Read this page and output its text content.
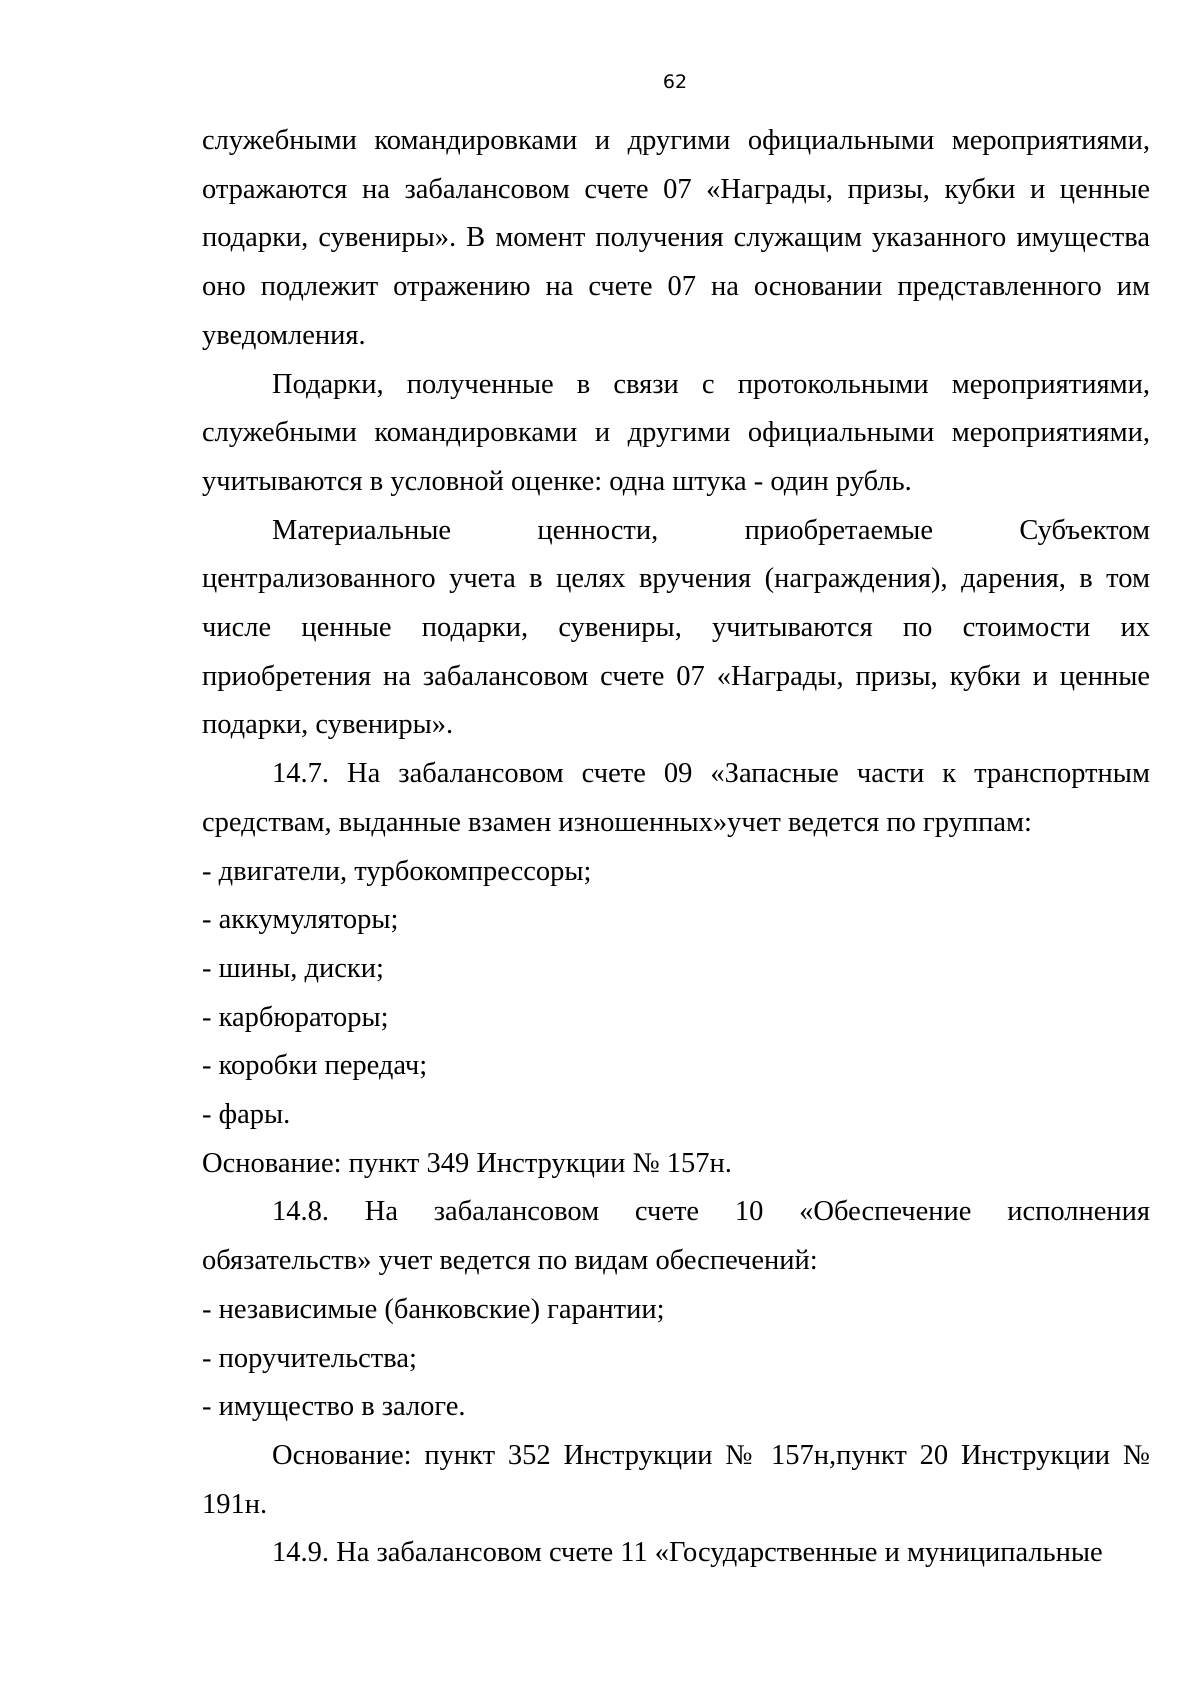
62

служебными командировками и другими официальными мероприятиями, отражаются на забалансовом счете 07 «Награды, призы, кубки и ценные подарки, сувениры». В момент получения служащим указанного имущества оно подлежит отражению на счете 07 на основании представленного им уведомления.

Подарки, полученные в связи с протокольными мероприятиями, служебными командировками и другими официальными мероприятиями, учитываются в условной оценке: одна штука - один рубль.

Материальные ценности, приобретаемые Субъектом централизованного учета в целях вручения (награждения), дарения, в том числе ценные подарки, сувениры, учитываются по стоимости их приобретения на забалансовом счете 07 «Награды, призы, кубки и ценные подарки, сувениры».

14.7. На забалансовом счете 09 «Запасные части к транспортным средствам, выданные взамен изношенных»учет ведется по группам:

- двигатели, турбокомпрессоры;

- аккумуляторы;

- шины, диски;

- карбюраторы;

- коробки передач;

- фары.

Основание: пункт 349 Инструкции № 157н.

14.8. На забалансовом счете 10 «Обеспечение исполнения обязательств» учет ведется по видам обеспечений:

- независимые (банковские) гарантии;

- поручительства;

- имущество в залоге.

Основание: пункт 352 Инструкции № 157н,пункт 20 Инструкции № 191н.

14.9. На забалансовом счете 11 «Государственные и муниципальные
